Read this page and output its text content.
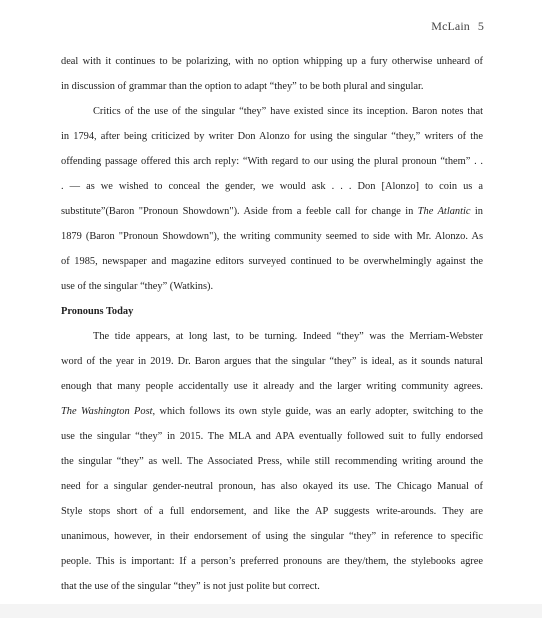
McLain 5
deal with it continues to be polarizing, with no option whipping up a fury otherwise unheard of
in discussion of grammar than the option to adapt “they” to be both plural and singular.
Critics of the use of the singular “they” have existed since its inception. Baron notes that
in 1794, after being criticized by writer Don Alonzo for using the singular “they,” writers of the
offending passage offered this arch reply: “With regard to our using the plural pronoun “them” . .
. — as we wished to conceal the gender, we would ask . . . Don [Alonzo] to coin us a
substitute”(Baron "Pronoun Showdown"). Aside from a feeble call for change in The Atlantic in
1879 (Baron "Pronoun Showdown"), the writing community seemed to side with Mr. Alonzo. As
of 1985, newspaper and magazine editors surveyed continued to be overwhelmingly against the
use of the singular “they” (Watkins).
Pronouns Today
The tide appears, at long last, to be turning. Indeed “they” was the Merriam-Webster
word of the year in 2019. Dr. Baron argues that the singular “they” is ideal, as it sounds natural
enough that many people accidentally use it already and the larger writing community agrees.
The Washington Post, which follows its own style guide, was an early adopter, switching to the
use the singular “they” in 2015. The MLA and APA eventually followed suit to fully endorsed
the singular “they” as well. The Associated Press, while still recommending writing around the
need for a singular gender-neutral pronoun, has also okayed its use. The Chicago Manual of
Style stops short of a full endorsement, and like the AP suggests write-arounds. They are
unanimous, however, in their endorsement of using the singular “they” in reference to specific
people. This is important: If a person’s preferred pronouns are they/them, the stylebooks agree
that the use of the singular “they” is not just polite but correct.
